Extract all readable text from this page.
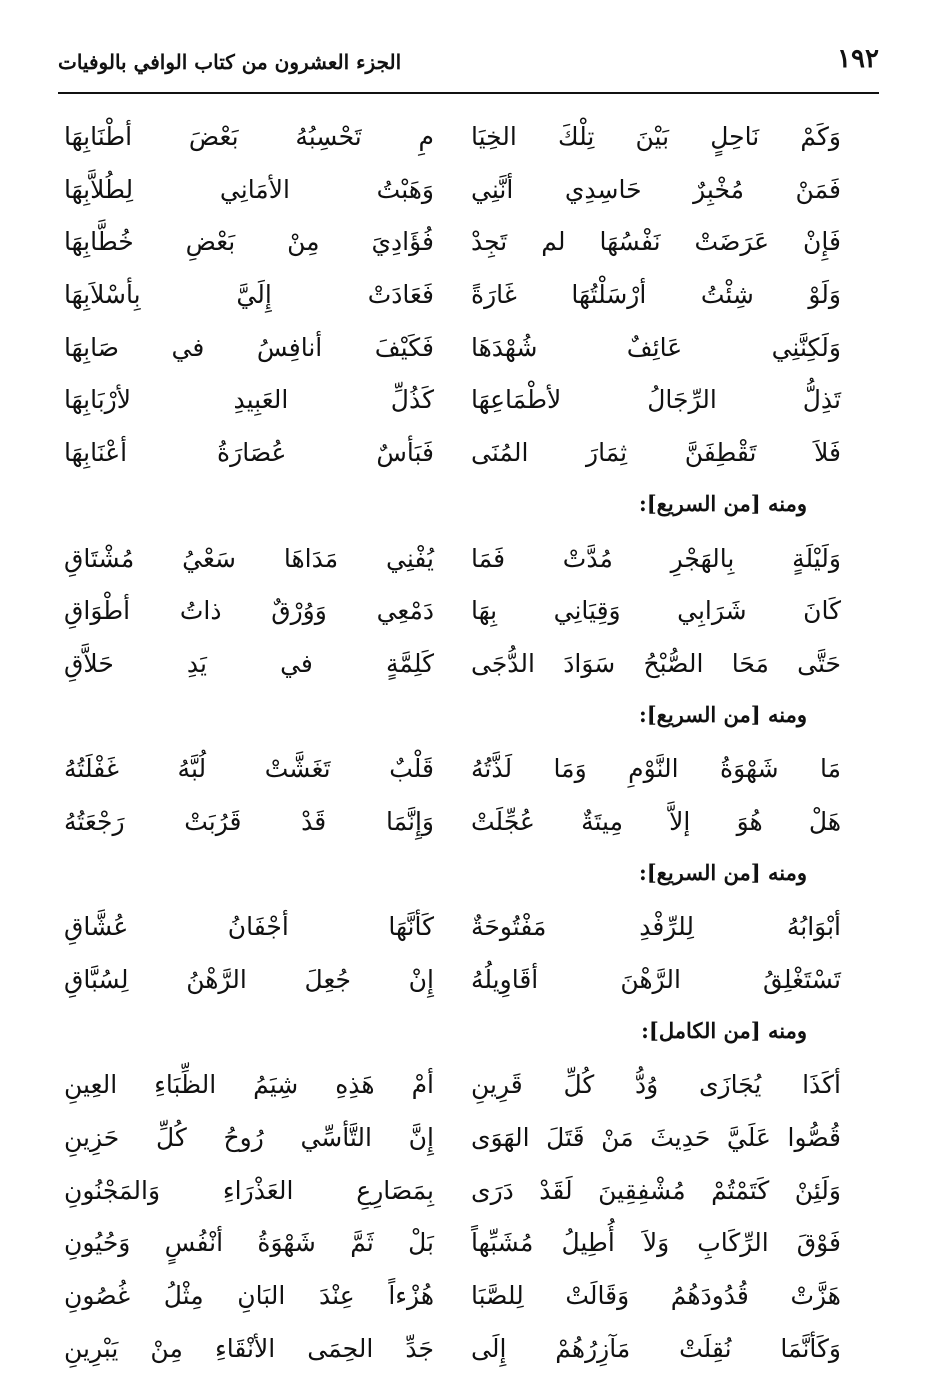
١٩٢
الجزء العشرون من كتاب الوافي بالوفيات
وَكَمْ نَاحِلٍ بَيْنَ تِلْكَ الخِيَا
مِ تَحْسِبُهُ بَعْضَ أطْنَابِهَا
فَمَنْ مُخْبِرٌ حَاسِدِي أنَّنِي
وَهَبْتُ الأمَانِي لِطُلاَّبِهَا
فَإِنْ عَرَضَتْ نَفْسُهَا لم تَجِدْ
فُؤَادِيَ مِنْ بَعْضِ خُطَّابِهَا
وَلَوْ شِئْتُ أرْسَلْتُهَا غَارَةً
فَعَادَتْ إِلَيَّ بِأسْلاَبِهَا
وَلَكِنَّنِي عَائِفٌ شُهْدَهَا
فَكَيْفَ أنافِسُ في صَابِهَا
تَذِلُّ الرِّجَالُ لأطْمَاعِهَا
كَذُلِّ العَبِيدِ لأرْبَابِهَا
فَلاَ تَقْطِفَنَّ ثِمَارَ المُنَى
فَبَأسٌ عُصَارَةُ أعْنَابِهَا
ومنه [من السريع]:
وَلَيْلَةٍ بِالهَجْرِ مُدَّتْ فَمَا
يُفْنِي مَدَاهَا سَعْيُ مُشْتَاقِ
كَانَ شَرَابِي وَقِيَانِي بِهَا
دَمْعِي وَوُرْقٌ ذاتُ أطْوَاقِ
حَتَّى مَحَا الصُّبْحُ سَوَادَ الدُّجَى
كَلِمَّةٍ في يَدِ حَلاَّقِ
ومنه [من السريع]:
مَا شَهْوَةُ النَّوْمِ وَمَا لَذَّتُهُ
قَلْبٌ تَغَشَّتْ لُبَّهُ غَفْلَتُهُ
هَلْ هُوَ إلاَّ مِيتَةٌ عُجِّلَتْ
وَإِنَّمَا قَدْ قَرُبَتْ رَجْعَتُهُ
ومنه [من السريع]:
أبْوَابُهُ لِلرِّفْدِ مَفْتُوحَةٌ
كَأنَّهَا أجْفَانُ عُشَّاقِ
تَسْتَغْلِقُ الرَّهْنَ أقَاوِيلُهُ
إِنْ جُعِلَ الرَّهْنُ لِسُبَّاقِ
ومنه [من الكامل]:
أكَذَا يُجَازَى وُدُّ كُلِّ قَرِينِ
أمْ هَذِهِ شِيَمُ الظِّبَاءِ العِينِ
قُصُّوا عَلَيَّ حَدِيثَ مَنْ قَتَلَ الهَوَى
إِنَّ التَّأسِّي رُوحُ كُلِّ حَزِينِ
وَلَئِنْ كَتَمْتُمْ مُشْفِقِينَ لَقَدْ دَرَى
بِمَصَارِعِ العَذْرَاءِ وَالمَجْنُونِ
فَوْقَ الرِّكَابِ وَلاَ أُطِيلُ مُشَبِّهاً
بَلْ ثَمَّ شَهْوَةُ أنْفُسٍ وَحُيُونِ
هَزَّتْ قُدُودَهُمُ وَقَالَتْ لِلصَّبَا
هُزْءاً عِنْدَ البَانِ مِثْلُ غُصُونِ
وَكَأنَّمَا نُقِلَتْ مَآزِرُهُمْ إِلَى
جَدِّ الحِمَى الأنْقَاءِ مِنْ يَبْرِينِ
